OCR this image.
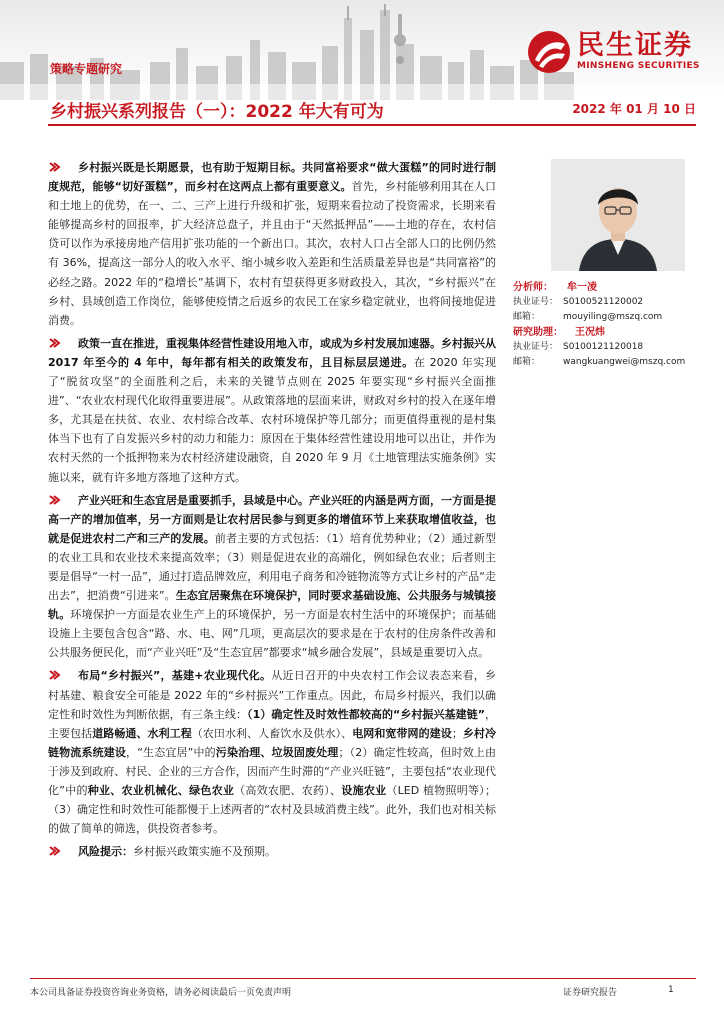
民生证券
MINSHENG SECURITIES
策略专题研究
乡村振兴系列报告（一）：2022 年大有可为	2022 年 01 月 10 日

乡村振兴既是长期愿景，也有助于短期目标。共同富裕要求“做大蛋糕”的同时进行制度规范，能够“切好蛋糕”，而乡村在这两点上都有重要意义。首先，乡村能够利用其在人口和土地上的优势，在一、二、三产上进行升级和扩张，短期来看拉动了投资需求，长期来看能够提高乡村的回报率，扩大经济总盘子，并且由于“天然抵押品”——土地的存在，农村信贷可以作为承接房地产信用扩张功能的一个新出口。其次，农村人口占全部人口的比例仍然有 36%，提高这一部分人的收入水平、缩小城乡收入差距和生活质量差异也是“共同富裕”的必经之路。2022 年的“稳增长”基调下，农村有望获得更多财政投入，其次，“乡村振兴”在乡村、县域创造工作岗位，能够使疫情之后返乡的农民工在家乡稳定就业，也将间接地促进消费。

政策一直在推进，重视集体经营性建设用地入市，或成为乡村发展加速器。乡村振兴从 2017 年至今的 4 年中，每年都有相关的政策发布，且目标层层递进。在 2020 年实现了“脱贫攻坚”的全面胜利之后，未来的关键节点则在 2025 年要实现“乡村振兴全面推进”、“农业农村现代化取得重要进展”。从政策落地的层面来讲，财政对乡村的投入在逐年增多，尤其是在扶贫、农业、农村综合改革、农村环境保护等几部分；而更值得重视的是村集体当下也有了自发振兴乡村的动力和能力：原因在于集体经营性建设用地可以出让，并作为农村天然的一个抵押物来为农村经济建设融资，自 2020 年 9 月《土地管理法实施条例》实施以来，就有许多地方落地了这种方式。

产业兴旺和生态宜居是重要抓手，县域是中心。产业兴旺的内涵是两方面，一方面是提高一产的增加值率，另一方面则是让农村居民参与到更多的增值环节上来获取增值收益，也就是促进农村二产和三产的发展。前者主要的方式包括：（1）培育优势种业；（2）通过新型的农业工具和农业技术来提高效率；（3）则是促进农业的高端化，例如绿色农业；后者则主要是倡导“一村一品”，通过打造品牌效应，利用电子商务和冷链物流等方式让乡村的产品“走出去”，把消费“引进来”。生态宜居聚焦在环境保护，同时要求基础设施、公共服务与城镇接轨。环境保护一方面是农业生产上的环境保护，另一方面是农村生活中的环境保护；而基础设施上主要包含包含“路、水、电、网”几项，更高层次的要求是在于农村的住房条件改善和公共服务便民化，而“产业兴旺”及“生态宜居”都要求“城乡融合发展”，县域是重要切入点。

布局“乡村振兴”，基建+农业现代化。从近日召开的中央农村工作会议表态来看，乡村基建、粮食安全可能是 2022 年的“乡村振兴”工作重点。因此，布局乡村振兴，我们以确定性和时效性为判断依据，有三条主线：（1）确定性及时效性都较高的“乡村振兴基建链”，主要包括道路畅通、水利工程（农田水利、人畜饮水及供水）、电网和宽带网的建设；乡村冷链物流系统建设，“生态宜居”中的污染治理、垃圾固废处理；（2）确定性较高，但时效上由于涉及到政府、村民、企业的三方合作，因而产生时滞的“产业兴旺链”，主要包括“农业现代化”中的种业、农业机械化、绿色农业（高效农肥、农药）、设施农业（LED 植物照明等）；（3）确定性和时效性可能都慢于上述两者的“农村及县域消费主线”。此外，我们也对相关标的做了简单的筛选，供投资者参考。

风险提示：乡村振兴政策实施不及预期。

分析师： 牟一凌
执业证号： S0100521120002
邮箱：	mouyiling@mszq.com
研究助理： 王况炜
执业证号： S0100121120018
邮箱：	wangkuangwei@mszq.com
本公司具备证券投资咨询业务资格，请务必阅读最后一页免责声明	证券研究报告	1
